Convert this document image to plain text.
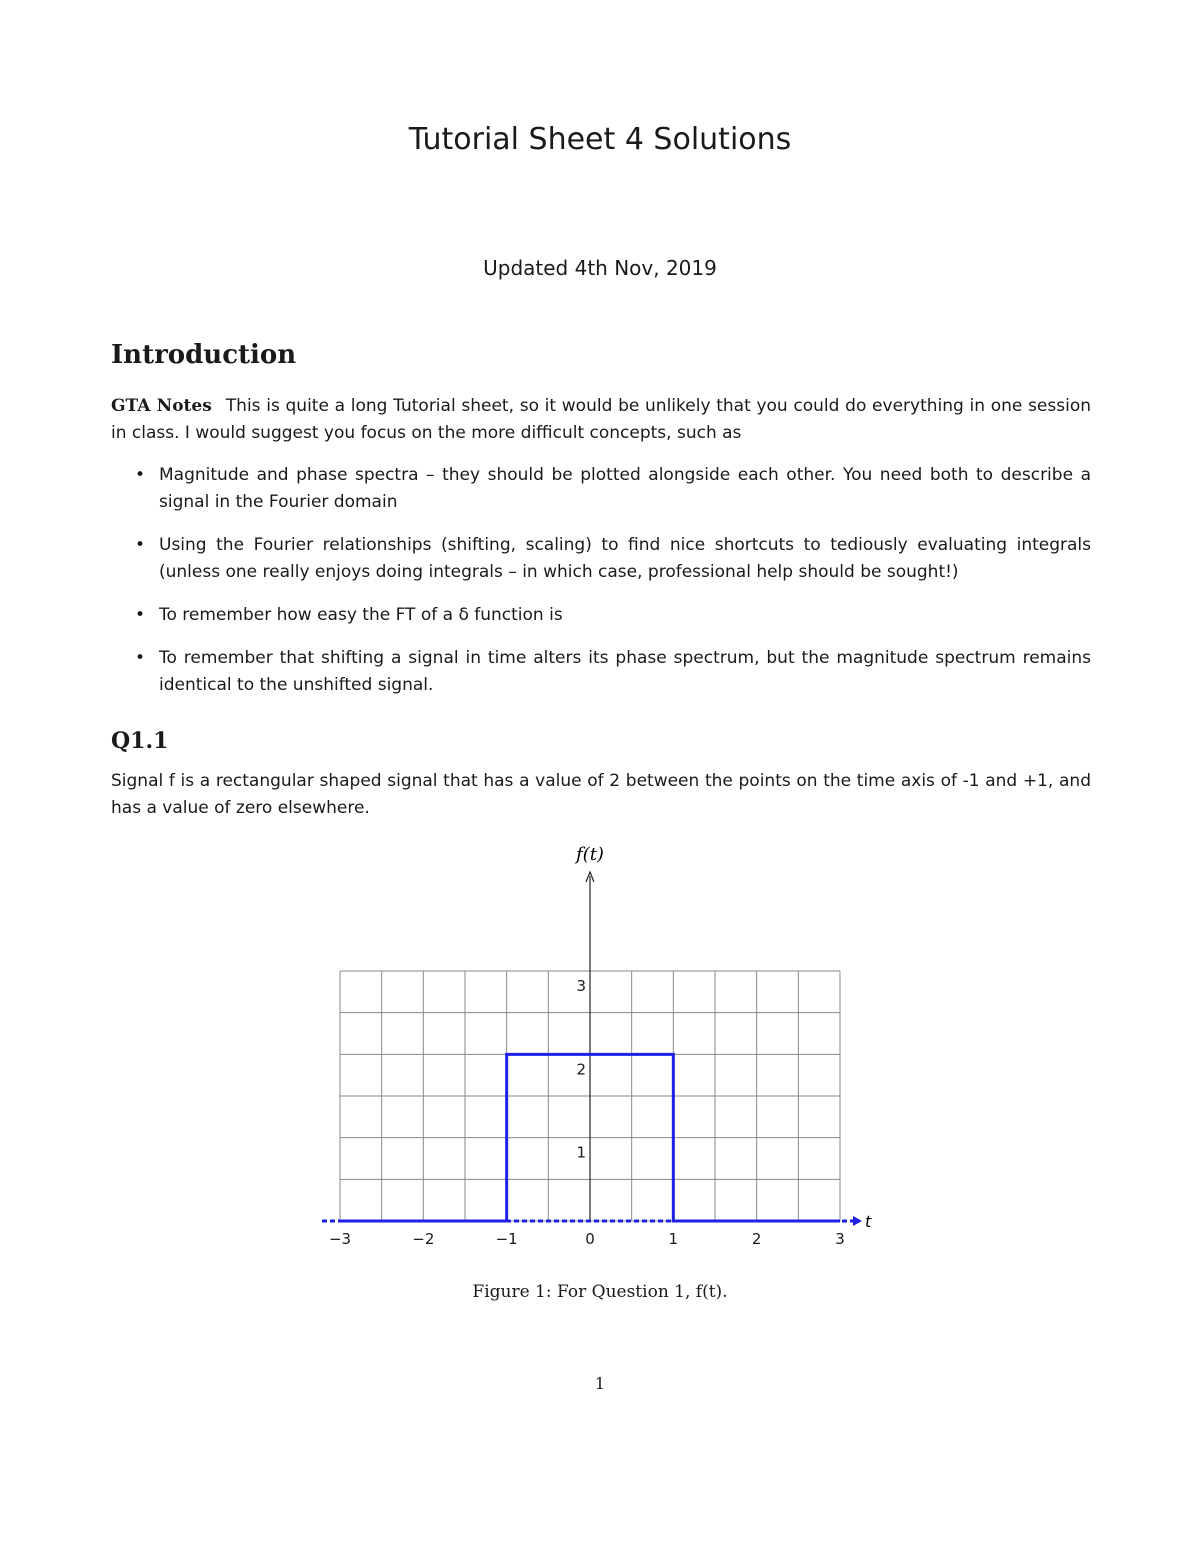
Tutorial Sheet 4 Solutions
Updated 4th Nov, 2019
Introduction
GTA Notes This is quite a long Tutorial sheet, so it would be unlikely that you could do everything in one session in class. I would suggest you focus on the more difficult concepts, such as
• Magnitude and phase spectra – they should be plotted alongside each other. You need both to describe a signal in the Fourier domain
• Using the Fourier relationships (shifting, scaling) to find nice shortcuts to tediously evaluating integrals (unless one really enjoys doing integrals – in which case, professional help should be sought!)
• To remember how easy the FT of a δ function is
• To remember that shifting a signal in time alters its phase spectrum, but the magnitude spectrum remains identical to the unshifted signal.
Q1.1
Signal f is a rectangular shaped signal that has a value of 2 between the points on the time axis of -1 and +1, and has a value of zero elsewhere.
−3	−2	−1	0	1	2	3
1
2
3
f(t)
t
Figure 1: For Question 1, f(t).
1
